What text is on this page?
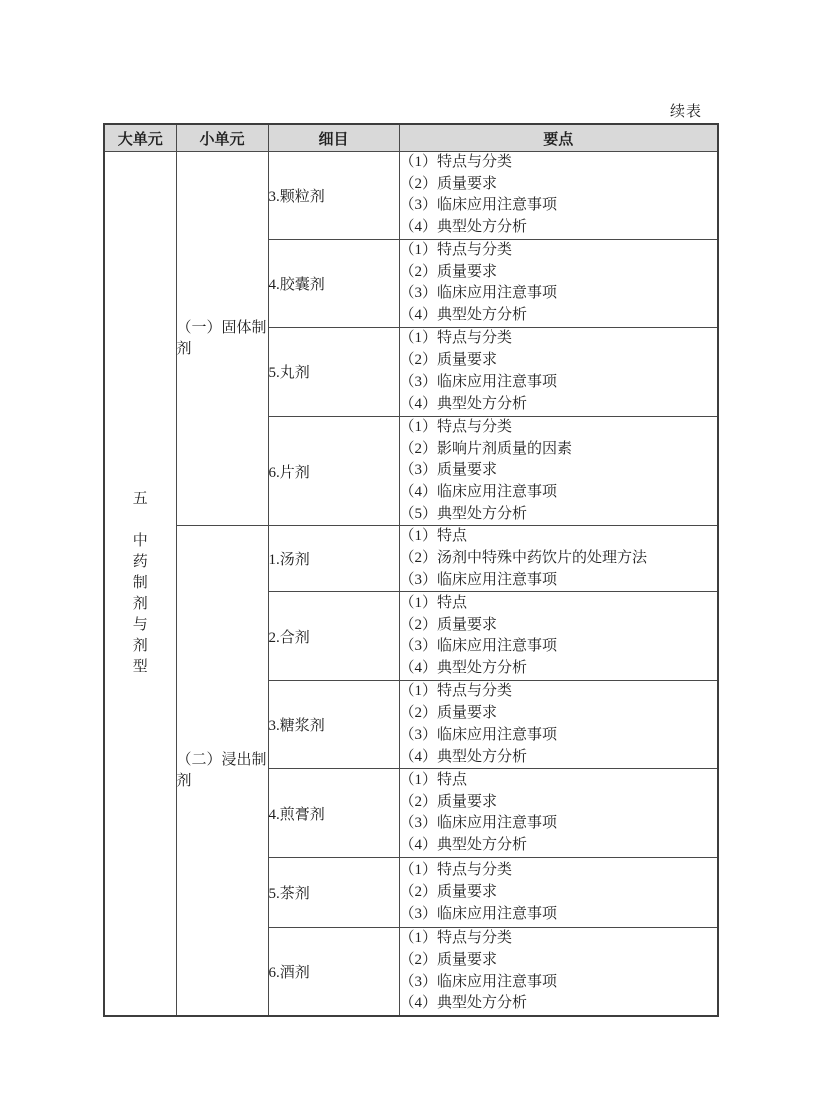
续表
大单元	小单元	细目	要点

五
中
药
制
剂
与
剂
型
	（一）固体制剂	3.颗粒剂	
（1）特点与分类
（2）质量要求
（3）临床应用注意事项
（4）典型处方分析

		4.胶囊剂	（1）特点与分类
（2）质量要求
（3）临床应用注意事项
（4）典型处方分析

		5.丸剂	（1）特点与分类
（2）质量要求
（3）临床应用注意事项
（4）典型处方分析

		6.片剂	（1）特点与分类
（2）影响片剂质量的因素
（3）质量要求
（4）临床应用注意事项
（5）典型处方分析

	（二）浸出制剂	1.汤剂	（1）特点
（2）汤剂中特殊中药饮片的处理方法
（3）临床应用注意事项

		2.合剂	（1）特点
（2）质量要求
（3）临床应用注意事项
（4）典型处方分析

		3.糖浆剂	（1）特点与分类
（2）质量要求
（3）临床应用注意事项
（4）典型处方分析

		4.煎膏剂	（1）特点
（2）质量要求
（3）临床应用注意事项
（4）典型处方分析

		5.茶剂	（1）特点与分类
（2）质量要求
（3）临床应用注意事项

		6.酒剂	（1）特点与分类
（2）质量要求
（3）临床应用注意事项
（4）典型处方分析
